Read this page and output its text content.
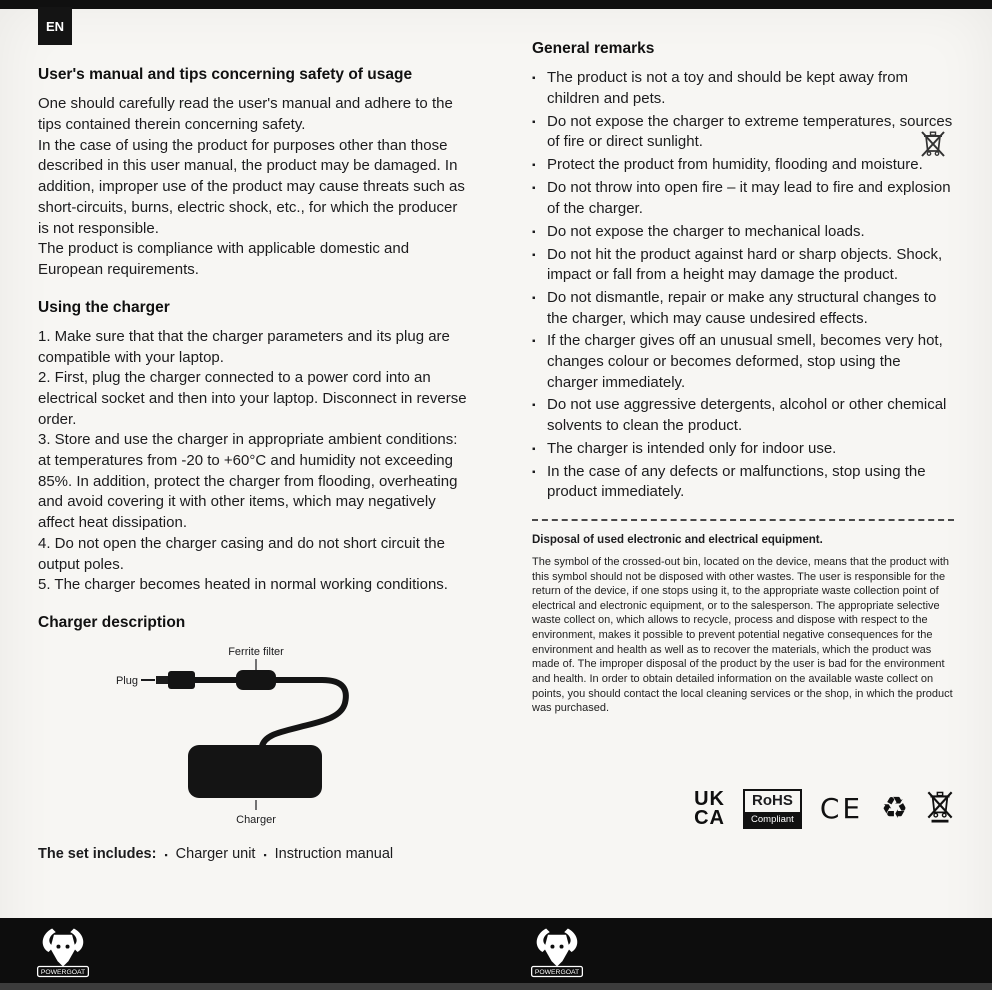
EN
User's manual and tips concerning safety of usage
One should carefully read the user's manual and adhere to the tips contained therein concerning safety.
In the case of using the product for purposes other than those described in this user manual, the product may be damaged. In addition, improper use of the product may cause threats such as short-circuits, burns, electric shock, etc., for which the producer is not responsible.
The product is compliance with applicable domestic and European requirements.
Using the charger
1. Make sure that that the charger parameters and its plug are compatible with your laptop.
2. First, plug the charger connected to a power cord into an electrical socket and then into your laptop. Disconnect in reverse order.
3. Store and use the charger in appropriate ambient conditions: at temperatures from -20 to +60°C and humidity not exceeding 85%. In addition, protect the charger from flooding, overheating and avoid covering it with other items, which may negatively affect heat dissipation.
4. Do not open the charger casing and do not short circuit the output poles.
5. The charger becomes heated in normal working conditions.
Charger description
Ferrite filter
Plug
Charger
The set includes: ▪ Charger unit ▪ Instruction manual
General remarks
▪ The product is not a toy and should be kept away from children and pets.
▪ Do not expose the charger to extreme temperatures, sources of fire or direct sunlight.
▪ Protect the product from humidity, flooding and moisture.
▪ Do not throw into open fire – it may lead to fire and explosion of the charger.
▪ Do not expose the charger to mechanical loads.
▪ Do not hit the product against hard or sharp objects. Shock, impact or fall from a height may damage the product.
▪ Do not dismantle, repair or make any structural changes to the charger, which may cause undesired effects.
▪ If the charger gives off an unusual smell, becomes very hot, changes colour or becomes deformed, stop using the charger immediately.
▪ Do not use aggressive detergents, alcohol or other chemical solvents to clean the product.
▪ The charger is intended only for indoor use.
▪ In the case of any defects or malfunctions, stop using the product immediately.
Disposal of used electronic and electrical equipment.
The symbol of the crossed-out bin, located on the device, means that the product with this symbol should not be disposed with other wastes. The user is responsible for the return of the device, if one stops using it, to the appropriate waste collection point of electrical and electronic equipment, or to the salesperson. The appropriate selective waste collect on, which allows to recycle, process and dispose with respect to the environment, makes it possible to prevent potential negative consequences for the environment and health as well as to recover the materials, which the product was made of. The improper disposal of the product by the user is bad for the environment and health. In order to obtain detailed information on the available waste collect on points, you should contact the local cleaning services or the shop, in which the product was purchased.
UK
CA
RoHS
Compliant CE ♻
POWERGOAT	POWERGOAT
